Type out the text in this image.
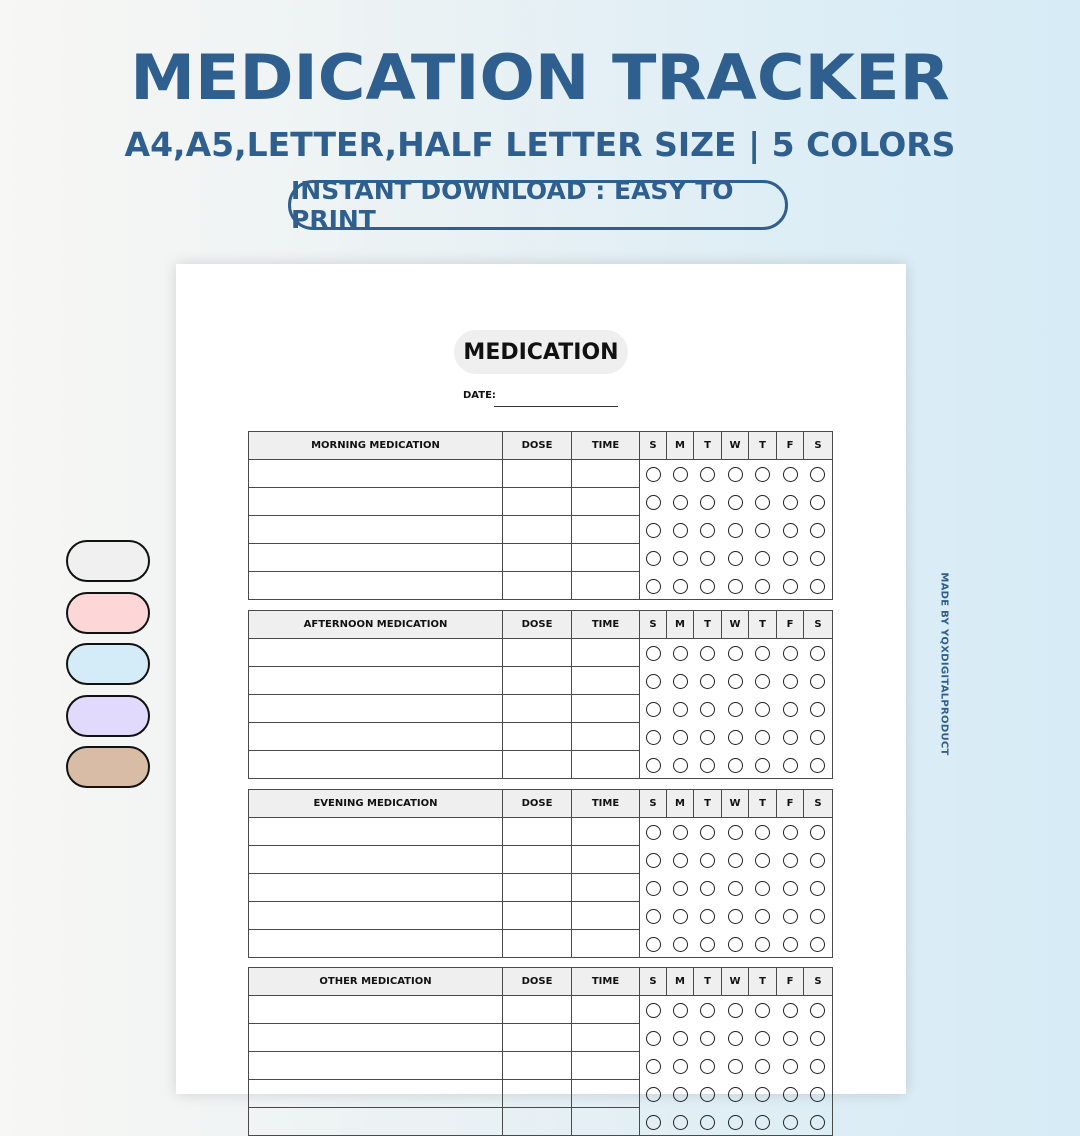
MEDICATION TRACKER
A4,A5,LETTER,HALF LETTER SIZE | 5 COLORS
INSTANT DOWNLOAD : EASY TO PRINT
MADE BY YQXDIGITALPRODUCT
MEDICATION
DATE:
MORNING MEDICATION	DOSE	TIME	S	M	T	W	T	F	S

AFTERNOON MEDICATION	DOSE	TIME	S	M	T	W	T	F	S

EVENING MEDICATION	DOSE	TIME	S	M	T	W	T	F	S

OTHER MEDICATION	DOSE	TIME	S	M	T	W	T	F	S
